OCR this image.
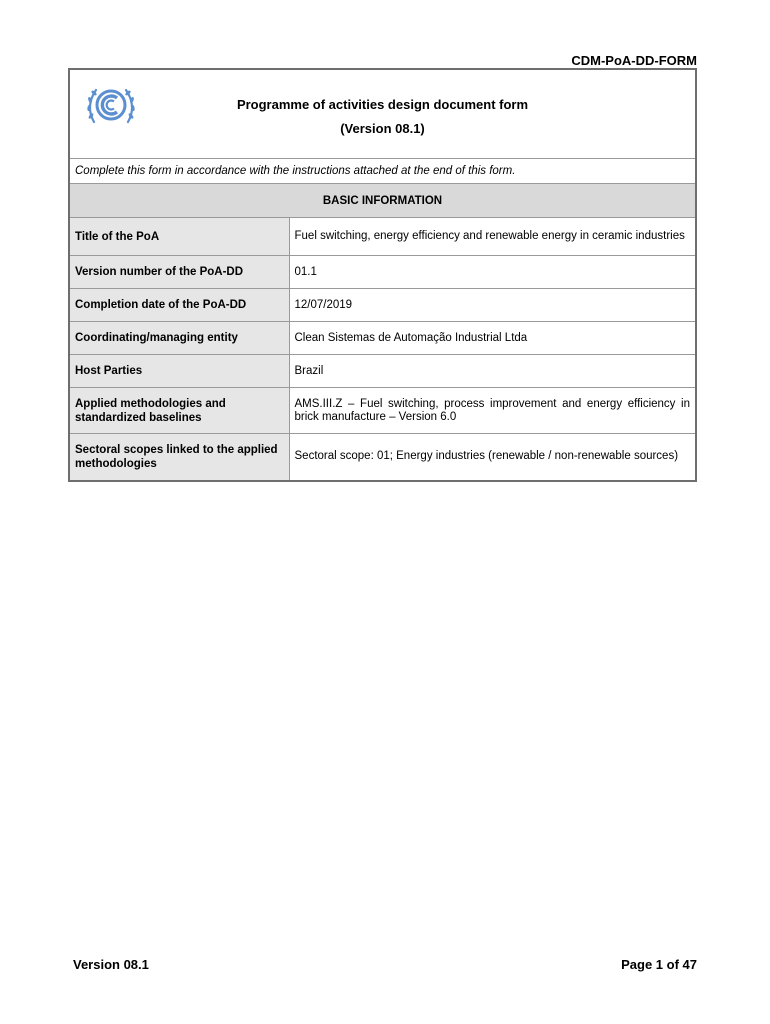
CDM-PoA-DD-FORM
Programme of activities design document form
(Version 08.1)	

Complete this form in accordance with the instructions attached at the end of this form.	
BASIC INFORMATION	
Title of the PoA	Fuel switching, energy efficiency and renewable energy in ceramic industries
Version number of the PoA-DD	01.1
Completion date of the PoA-DD	12/07/2019
Coordinating/managing entity	Clean Sistemas de Automação Industrial Ltda
Host Parties	Brazil
Applied methodologies and standardized baselines	AMS.III.Z – Fuel switching, process improvement and energy efficiency in brick manufacture – Version 6.0
Sectoral scopes linked to the applied methodologies	Sectoral scope: 01; Energy industries (renewable / non-renewable sources)
Version 08.1	Page 1 of 47
